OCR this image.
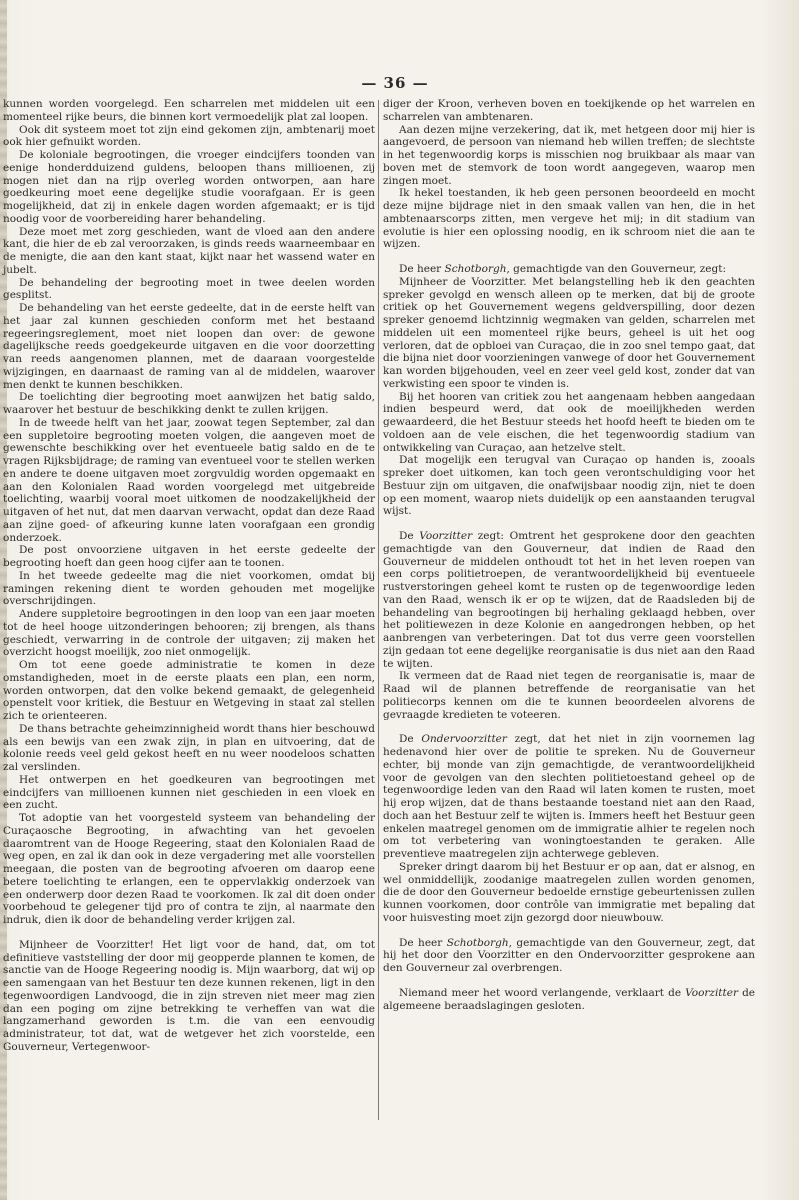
— 36 —

kunnen worden voorgelegd. Een scharrelen met middelen uit een momenteel rijke beurs, die binnen kort vermoedelijk plat zal loopen.

Ook dit systeem moet tot zijn eind gekomen zijn, ambtenarij moet ook hier gefnuikt worden.

De koloniale begrootingen, die vroeger eindcijfers toonden van eenige honderdduizend guldens, beloopen thans millioenen, zij mogen niet dan na rijp overleg worden ontworpen, aan hare goedkeuring moet eene degelijke studie voorafgaan. Er is geen mogelijkheid, dat zij in enkele dagen worden afgemaakt; er is tijd noodig voor de voorbereiding harer behandeling.

Deze moet met zorg geschieden, want de vloed aan den andere kant, die hier de eb zal veroorzaken, is ginds reeds waarneembaar en de menigte, die aan den kant staat, kijkt naar het wassend water en jubelt.

De behandeling der begrooting moet in twee deelen worden gesplitst.

De behandeling van het eerste gedeelte, dat in de eerste helft van het jaar zal kunnen geschieden conform met het bestaand regeeringsreglement, moet niet loopen dan over: de gewone dagelijksche reeds goedgekeurde uitgaven en die voor doorzetting van reeds aangenomen plannen, met de daaraan voorgestelde wijzigingen, en daarnaast de raming van al de middelen, waarover men denkt te kunnen beschikken.

De toelichting dier begrooting moet aanwijzen het batig saldo, waarover het bestuur de beschikking denkt te zullen krijgen.

In de tweede helft van het jaar, zoowat tegen September, zal dan een suppletoire begrooting moeten volgen, die aangeven moet de gewenschte beschikking over het eventueele batig saldo en de te vragen Rijksbijdrage; de raming van eventueel voor te stellen werken en andere te doene uitgaven moet zorgvuldig worden opgemaakt en aan den Kolonialen Raad worden voorgelegd met uitgebreide toelichting, waarbij vooral moet uitkomen de noodzakelijkheid der uitgaven of het nut, dat men daarvan verwacht, opdat dan deze Raad aan zijne goed- of afkeuring kunne laten voorafgaan een grondig onderzoek.

De post onvoorziene uitgaven in het eerste gedeelte der begrooting hoeft dan geen hoog cijfer aan te toonen.

In het tweede gedeelte mag die niet voorkomen, omdat bij ramingen rekening dient te worden gehouden met mogelijke overschrijdingen.

Andere suppletoire begrootingen in den loop van een jaar moeten tot de heel hooge uitzonderingen behooren; zij brengen, als thans geschiedt, verwarring in de controle der uitgaven; zij maken het overzicht hoogst moeilijk, zoo niet onmogelijk.

Om tot eene goede administratie te komen in deze omstandigheden, moet in de eerste plaats een plan, een norm, worden ontworpen, dat den volke bekend gemaakt, de gelegenheid openstelt voor kritiek, die Bestuur en Wetgeving in staat zal stellen zich te orienteeren.

De thans betrachte geheimzinnigheid wordt thans hier beschouwd als een bewijs van een zwak zijn, in plan en uitvoering, dat de kolonie reeds veel geld gekost heeft en nu weer noodeloos schatten zal verslinden.

Het ontwerpen en het goedkeuren van begrootingen met eindcijfers van millioenen kunnen niet geschieden in een vloek en een zucht.

Tot adoptie van het voorgesteld systeem van behandeling der Curaçaosche Begrooting, in afwachting van het gevoelen daaromtrent van de Hooge Regeering, staat den Kolonialen Raad de weg open, en zal ik dan ook in deze vergadering met alle voorstellen meegaan, die posten van de begrooting afvoeren om daarop eene betere toelichting te erlangen, een te oppervlakkig onderzoek van een onderwerp door dezen Raad te voorkomen. Ik zal dit doen onder voorbehoud te gelegener tijd pro of contra te zijn, al naarmate den indruk, dien ik door de behandeling verder krijgen zal.

Mijnheer de Voorzitter! Het ligt voor de hand, dat, om tot definitieve vaststelling der door mij geopperde plannen te komen, de sanctie van de Hooge Regeering noodig is. Mijn waarborg, dat wij op een samengaan van het Bestuur ten deze kunnen rekenen, ligt in den tegenwoordigen Landvoogd, die in zijn streven niet meer mag zien dan een poging om zijne betrekking te verheffen van wat die langzamerhand geworden is t.m. die van een eenvoudig administrateur, tot dat, wat de wetgever het zich voorstelde, een Gouverneur, Vertegenwoor-

diger der Kroon, verheven boven en toekijkende op het warrelen en scharrelen van ambtenaren.

Aan dezen mijne verzekering, dat ik, met hetgeen door mij hier is aangevoerd, de persoon van niemand heb willen treffen; de slechtste in het tegenwoordig korps is misschien nog bruikbaar als maar van boven met de stemvork de toon wordt aangegeven, waarop men zingen moet.

Ik hekel toestanden, ik heb geen personen beoordeeld en mocht deze mijne bijdrage niet in den smaak vallen van hen, die in het ambtenaarscorps zitten, men vergeve het mij; in dit stadium van evolutie is hier een oplossing noodig, en ik schroom niet die aan te wijzen.

De heer Schotborgh, gemachtigde van den Gouverneur, zegt:

Mijnheer de Voorzitter. Met belangstelling heb ik den geachten spreker gevolgd en wensch alleen op te merken, dat bij de groote critiek op het Gouvernement wegens geldverspilling, door dezen spreker genoemd lichtzinnig wegmaken van gelden, scharrelen met middelen uit een momenteel rijke beurs, geheel is uit het oog verloren, dat de opbloei van Curaçao, die in zoo snel tempo gaat, dat die bijna niet door voorzieningen vanwege of door het Gouvernement kan worden bijgehouden, veel en zeer veel geld kost, zonder dat van verkwisting een spoor te vinden is.

Bij het hooren van critiek zou het aangenaam hebben aangedaan indien bespeurd werd, dat ook de moeilijkheden werden gewaardeerd, die het Bestuur steeds het hoofd heeft te bieden om te voldoen aan de vele eischen, die het tegenwoordig stadium van ontwikkeling van Curaçao, aan hetzelve stelt.

Dat mogelijk een terugval van Curaçao op handen is, zooals spreker doet uitkomen, kan toch geen verontschuldiging voor het Bestuur zijn om uitgaven, die onafwijsbaar noodig zijn, niet te doen op een moment, waarop niets duidelijk op een aanstaanden terugval wijst.

De Voorzitter zegt: Omtrent het gesprokene door den geachten gemachtigde van den Gouverneur, dat indien de Raad den Gouverneur de middelen onthoudt tot het in het leven roepen van een corps politietroepen, de verantwoordelijkheid bij eventueele rustverstoringen geheel komt te rusten op de tegenwoordige leden van den Raad, wensch ik er op te wijzen, dat de Raadsleden bij de behandeling van begrootingen bij herhaling geklaagd hebben, over het politiewezen in deze Kolonie en aangedrongen hebben, op het aanbrengen van verbeteringen. Dat tot dus verre geen voorstellen zijn gedaan tot eene degelijke reorganisatie is dus niet aan den Raad te wijten.

Ik vermeen dat de Raad niet tegen de reorganisatie is, maar de Raad wil de plannen betreffende de reorganisatie van het politiecorps kennen om die te kunnen beoordeelen alvorens de gevraagde kredieten te voteeren.

De Ondervoorzitter zegt, dat het niet in zijn voornemen lag hedenavond hier over de politie te spreken. Nu de Gouverneur echter, bij monde van zijn gemachtigde, de verantwoordelijkheid voor de gevolgen van den slechten politietoestand geheel op de tegenwoordige leden van den Raad wil laten komen te rusten, moet hij erop wijzen, dat de thans bestaande toestand niet aan den Raad, doch aan het Bestuur zelf te wijten is. Immers heeft het Bestuur geen enkelen maatregel genomen om de immigratie alhier te regelen noch om tot verbetering van woningtoestanden te geraken. Alle preventieve maatregelen zijn achterwege gebleven.

Spreker dringt daarom bij het Bestuur er op aan, dat er alsnog, en wel onmiddellijk, zoodanige maatregelen zullen worden genomen, die de door den Gouverneur bedoelde ernstige gebeurtenissen zullen kunnen voorkomen, door contrôle van immigratie met bepaling dat voor huisvesting moet zijn gezorgd door nieuwbouw.

De heer Schotborgh, gemachtigde van den Gouverneur, zegt, dat hij het door den Voorzitter en den Ondervoorzitter gesprokene aan den Gouverneur zal overbrengen.

Niemand meer het woord verlangende, verklaart de Voorzitter de algemeene beraadslagingen gesloten.
